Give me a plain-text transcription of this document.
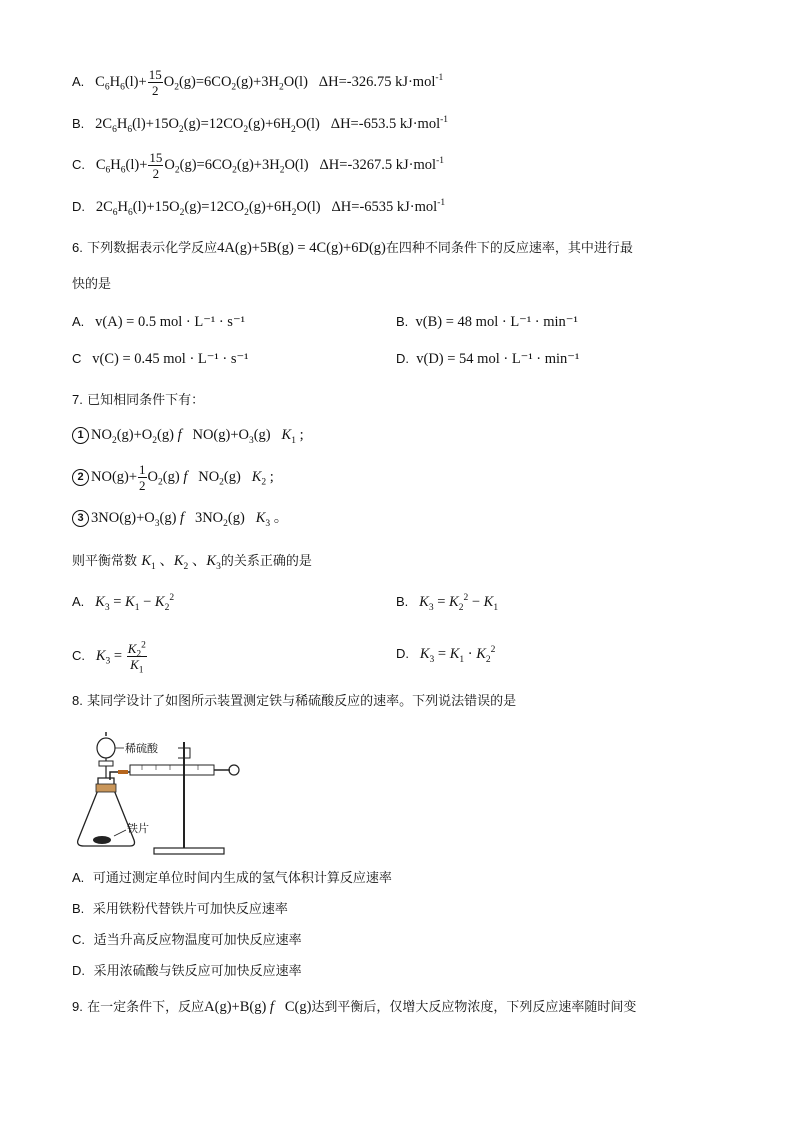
A.   $C_6H_6(l)+ \frac{15}{2} O_2(g)=6CO_2(g)+3H_2O(l)$   ΔH=-326.75 kJ·mol$^{-1}$
B.   $2C_6H_6(l)+15O_2(g)=12CO_2(g)+6H_2O(l)$   ΔH=-653.5 kJ·mol$^{-1}$
C.   $C_6H_6(l)+ \frac{15}{2} O_2(g)=6CO_2(g)+3H_2O(l)$   ΔH=-3267.5 kJ·mol$^{-1}$
D.   $2C_6H_6(l)+15O_2(g)=12CO_2(g)+6H_2O(l)$   ΔH=-6535 kJ·mol$^{-1}$
6. 下列数据表示化学反应4A(g)+5B(g) = 4C(g)+6D(g)在四种不同条件下的反应速率，其中进行最
快的是
A. v(A) = 0.5 mol · L⁻¹ · s⁻¹	B. v(B) = 48 mol · L⁻¹ · min⁻¹
C v(C) = 0.45 mol · L⁻¹ · s⁻¹	D. v(D) = 54 mol · L⁻¹ · min⁻¹
7. 已知相同条件下有：
1 $NO_2(g)+O_2(g)$ f   $NO(g)+O_3(g)$   $K_1$ ;
2 $NO(g)+ \frac{1}{2} O_2(g)$ f   $NO_2(g)$   $K_2$ ;
3 $3NO(g)+O_3(g)$ f   $3NO_2(g)$   $K_3$ 。
则平衡常数 $K_1$ 、$K_2$ 、$K_3$的关系正确的是
A. $K_3 = K_1 - K_2^2$	B. $K_3 = K_2^2 - K_1$
C. $K_3 = \frac{K_2^2}{K_1}$	D. $K_3 = K_1 \cdot K_2^2$
8. 某同学设计了如图所示装置测定铁与稀硫酸反应的速率。下列说法错误的是
稀硫酸
铁片
A. 可通过测定单位时间内生成的氢气体积计算反应速率
B. 采用铁粉代替铁片可加快反应速率
C. 适当升高反应物温度可加快反应速率
D. 采用浓硫酸与铁反应可加快反应速率
9. 在一定条件下，反应A(g)+B(g) f   C(g)达到平衡后，仅增大反应物浓度，下列反应速率随时间变
